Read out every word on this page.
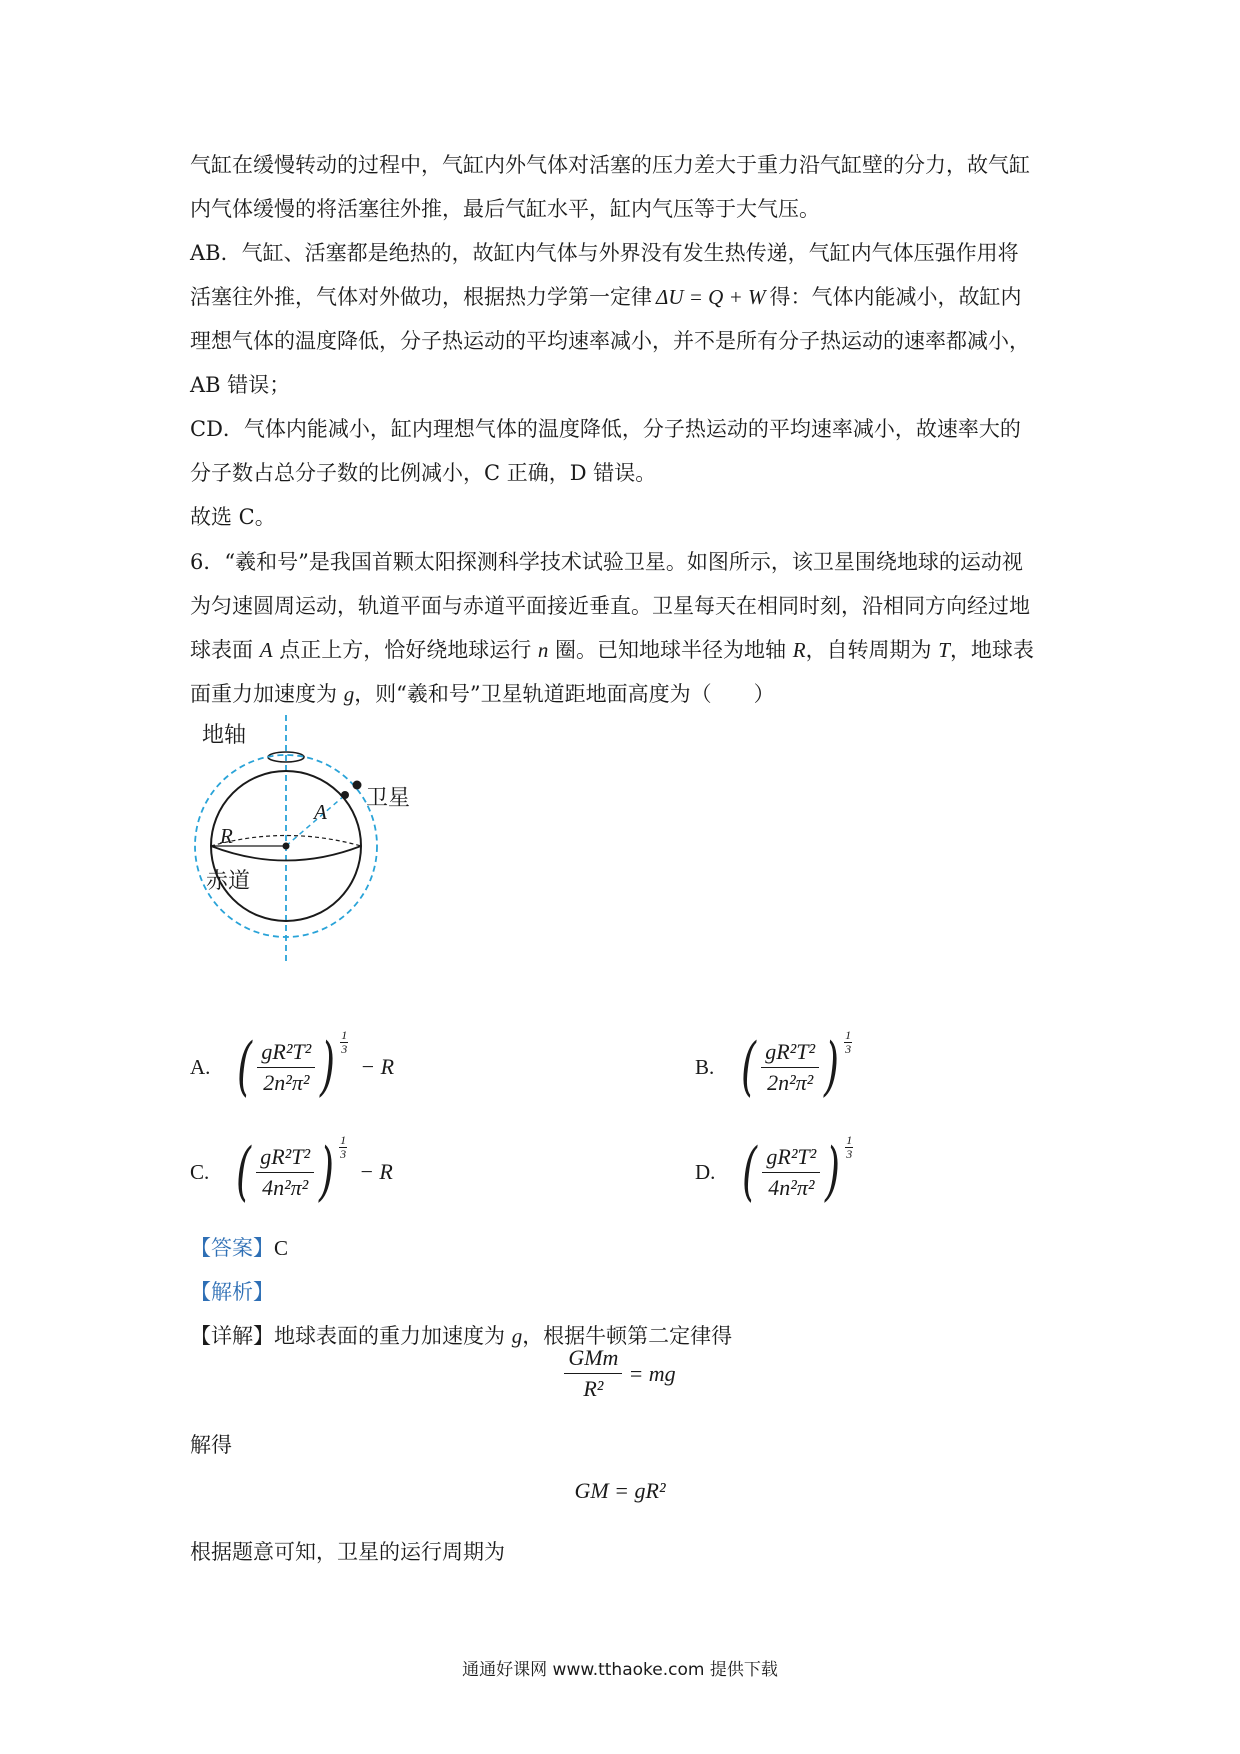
气缸在缓慢转动的过程中，气缸内外气体对活塞的压力差大于重力沿气缸壁的分力，故气缸
内气体缓慢的将活塞往外推，最后气缸水平，缸内气压等于大气压。
AB．气缸、活塞都是绝热的，故缸内气体与外界没有发生热传递，气缸内气体压强作用将
活塞往外推，气体对外做功，根据热力学第一定律 ΔU = Q + W 得：气体内能减小，故缸内
理想气体的温度降低，分子热运动的平均速率减小，并不是所有分子热运动的速率都减小，
AB 错误；
CD．气体内能减小，缸内理想气体的温度降低，分子热运动的平均速率减小，故速率大的
分子数占总分子数的比例减小，C 正确，D 错误。
故选 C。
6．“羲和号”是我国首颗太阳探测科学技术试验卫星。如图所示，该卫星围绕地球的运动视
为匀速圆周运动，轨道平面与赤道平面接近垂直。卫星每天在相同时刻，沿相同方向经过地
球表面 A 点正上方，恰好绕地球运行 n 圈。已知地球半径为地轴 R，自转周期为 T，地球表
面重力加速度为 g，则“羲和号”卫星轨道距地面高度为（　　）
地轴
卫星
A
R
赤道
A. ( $\frac{\text{gR²T²}}{\text{2n²π²}}$ ) $\frac{1}{3}$
− R	B. ( $\frac{\text{gR²T²}}{\text{2n²π²}}$ ) $\frac{1}{3}$
C. ( $\frac{\text{gR²T²}}{\text{4n²π²}}$ ) $\frac{1}{3}$
− R	D. ( $\frac{\text{gR²T²}}{\text{4n²π²}}$ ) $\frac{1}{3}$
【答案】C
【解析】
【详解】地球表面的重力加速度为 g，根据牛顿第二定律得
$\frac{\text{GMm}}{\text{R²}}$ = mg
解得
GM = gR²
根据题意可知，卫星的运行周期为
通通好课网 www.tthaoke.com 提供下载
